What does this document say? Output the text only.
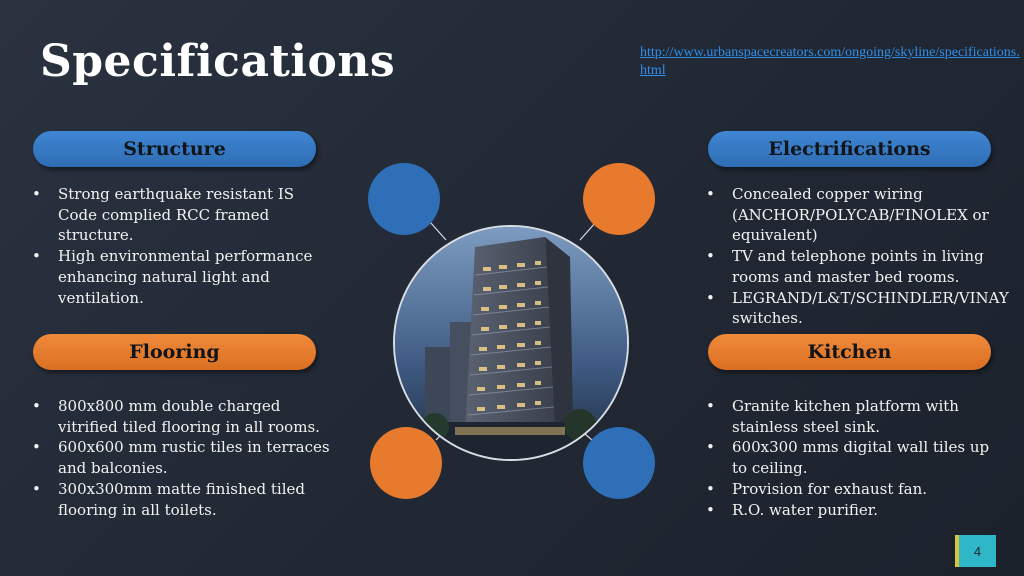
Specifications	http://www.urbanspacecreators.com/ongoing/skyline/specifications.html
Structure	Electrifications
Flooring	Kitchen
• Strong earthquake resistant IS Code complied RCC framed structure.
• High environmental performance enhancing natural light and ventilation.
• Concealed copper wiring (ANCHOR/POLYCAB/FINOLEX or equivalent)
• TV and telephone points in living rooms and master bed rooms.
• LEGRAND/L&T/SCHINDLER/VINAY switches.
• 800x800 mm double charged vitrified tiled flooring in all rooms.
• 600x600 mm rustic tiles in terraces and balconies.
• 300x300mm matte finished tiled flooring in all toilets.
• Granite kitchen platform with stainless steel sink.
• 600x300 mms digital wall tiles up to ceiling.
• Provision for exhaust fan.
• R.O. water purifier.
4
